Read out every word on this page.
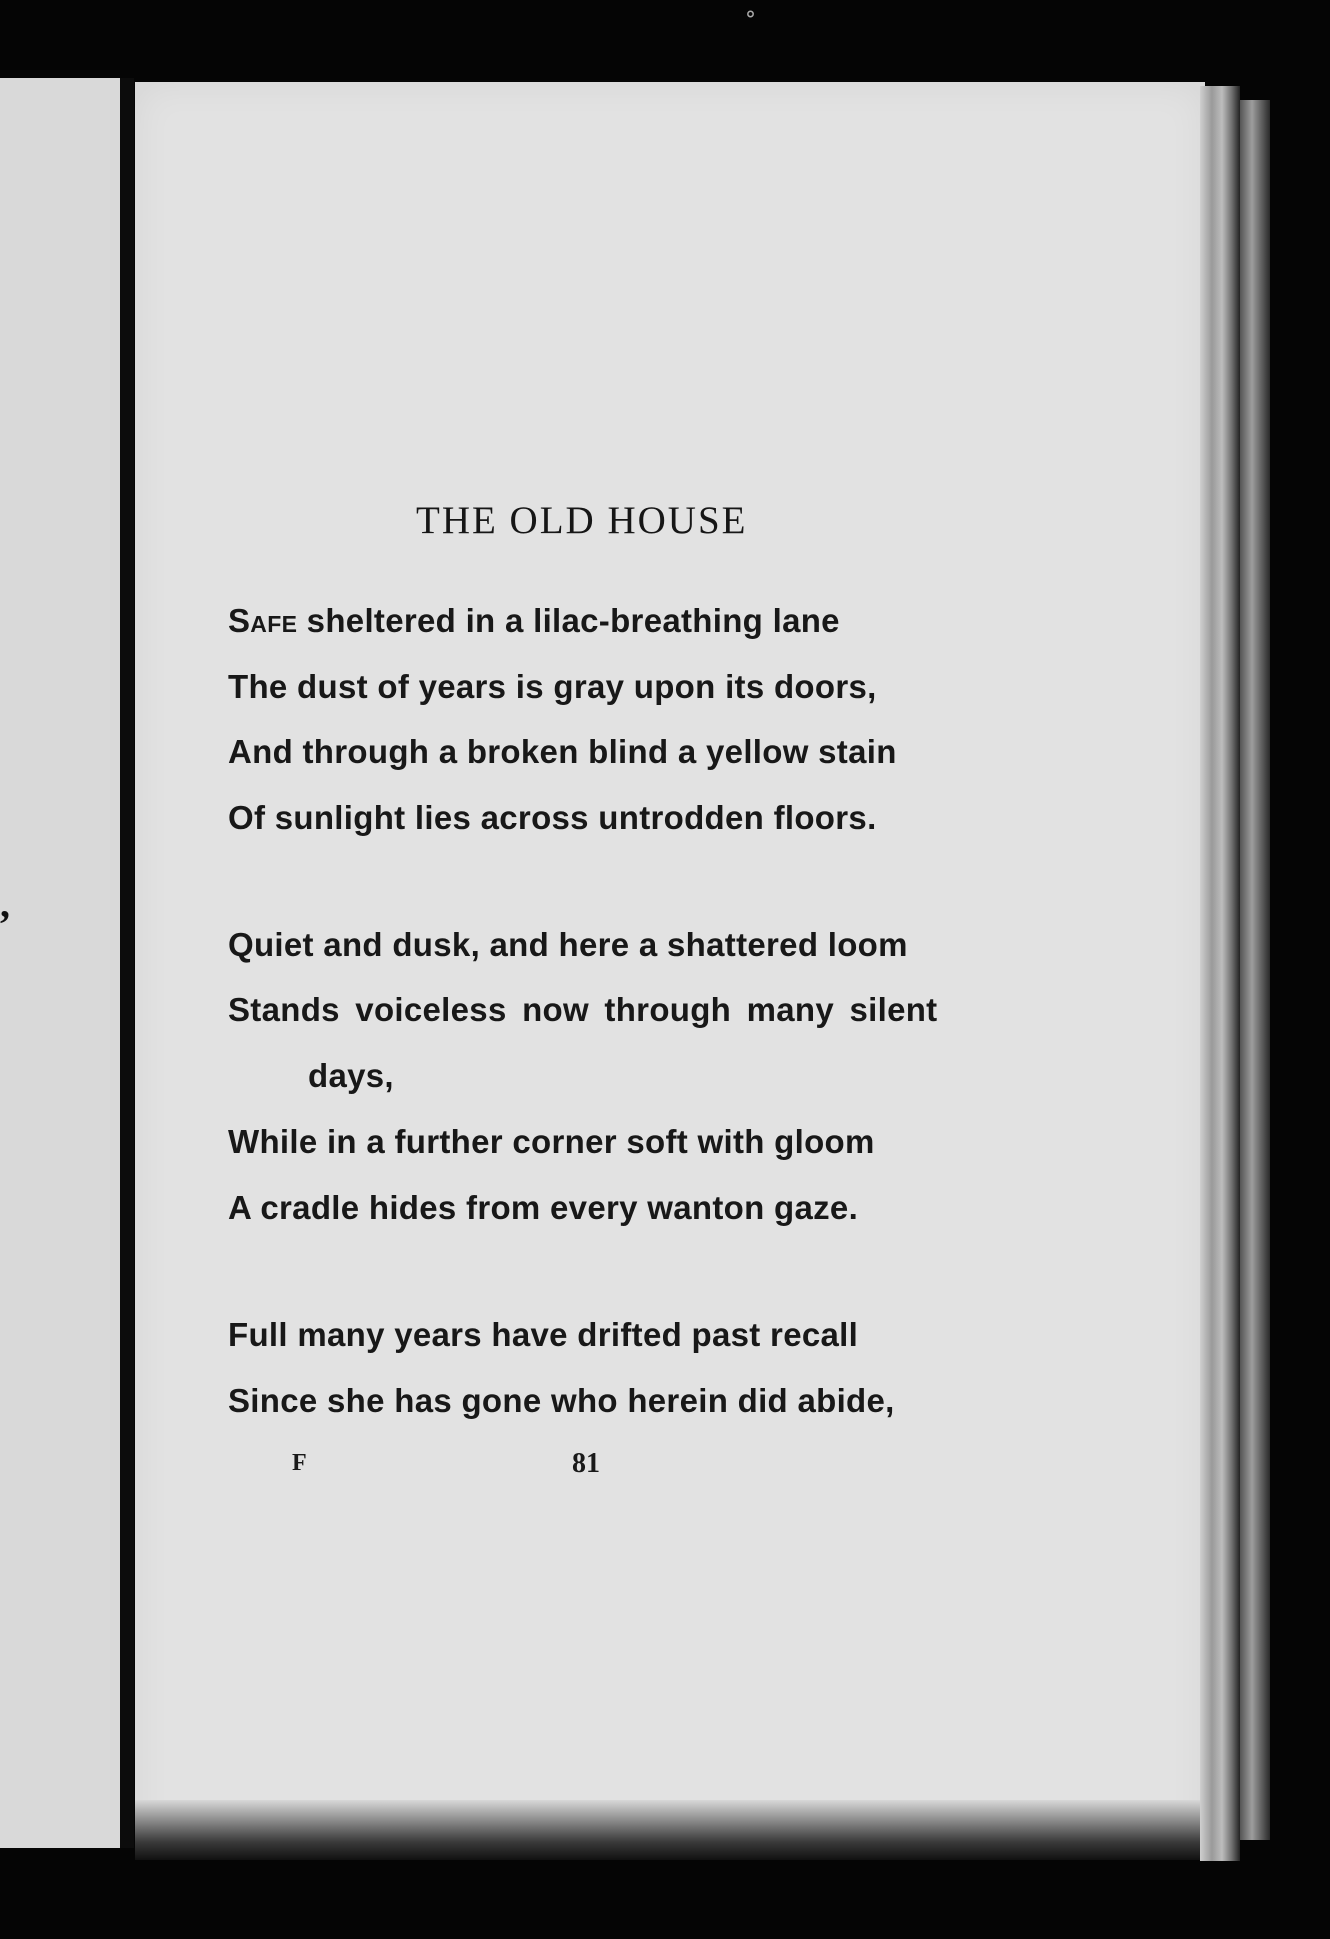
°
,
THE OLD HOUSE
Safe sheltered in a lilac-breathing lane
The dust of years is gray upon its doors,
And through a broken blind a yellow stain
Of sunlight lies across untrodden floors.
Quiet and dusk, and here a shattered loom
Stands voiceless now through many silent
days,
While in a further corner soft with gloom
A cradle hides from every wanton gaze.
Full many years have drifted past recall
Since she has gone who herein did abide,
F	81
